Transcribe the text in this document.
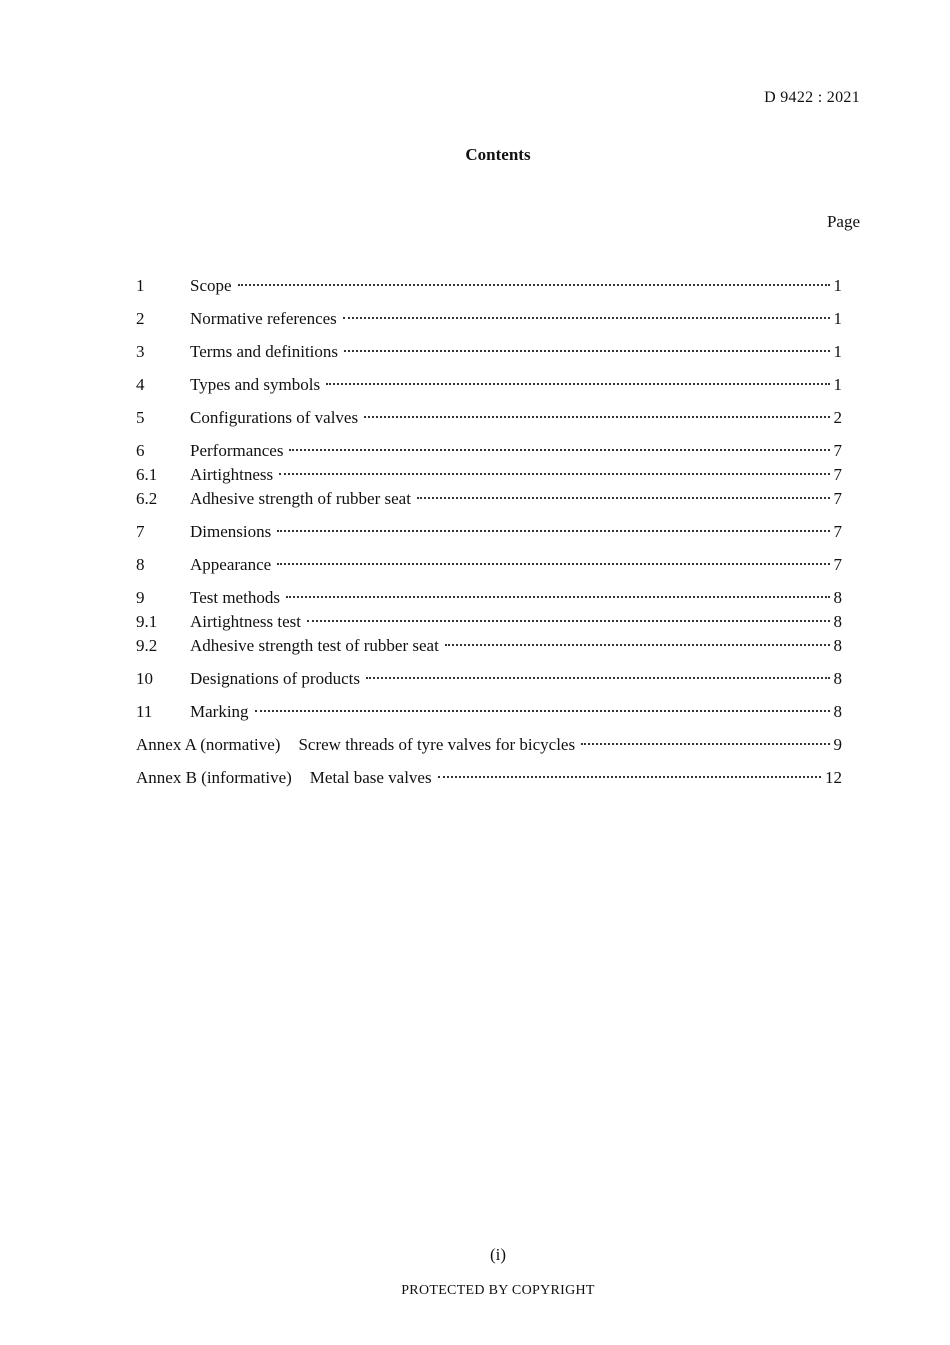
D 9422 : 2021
Contents
Page
1	Scope	1
2	Normative references	1
3	Terms and definitions	1
4	Types and symbols	1
5	Configurations of valves	2
6	Performances	7
6.1	Airtightness	7
6.2	Adhesive strength of rubber seat	7
7	Dimensions	7
8	Appearance	7
9	Test methods	8
9.1	Airtightness test	8
9.2	Adhesive strength test of rubber seat	8
10	Designations of products	8
11	Marking	8
Annex A (normative) Screw threads of tyre valves for bicycles	9
Annex B (informative) Metal base valves	12
(i)
PROTECTED BY COPYRIGHT
